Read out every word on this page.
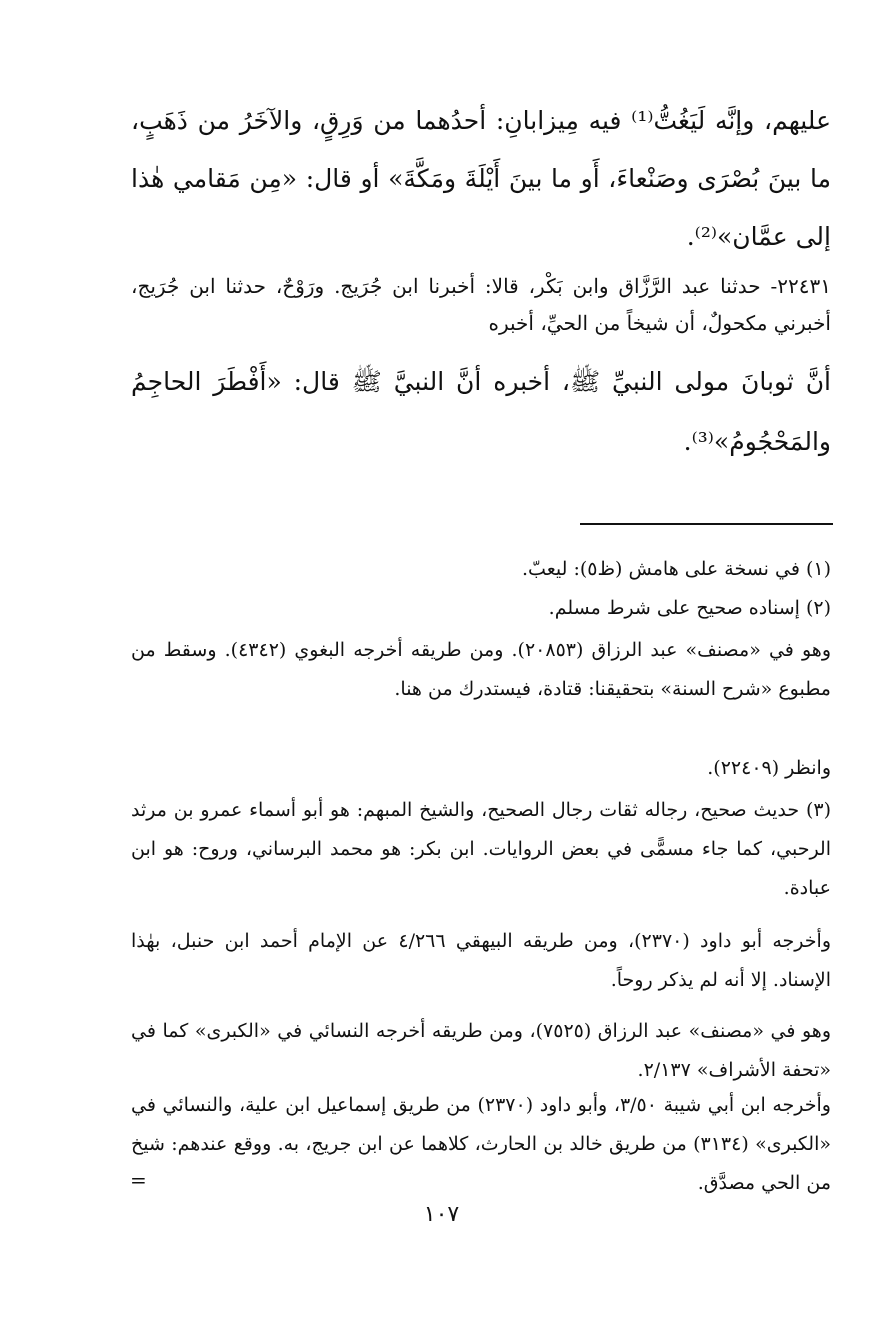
عليهم، وإنَّه لَيَغُتُّ⁽¹⁾ فيه مِيزابانِ: أحدُهما من وَرِقٍ، والآخَرُ من ذَهَبٍ، ما بينَ بُصْرَى وصَنْعاءَ، أَو ما بينَ أَيْلَةَ ومَكَّةَ» أو قال: «مِن مَقامي هٰذا إلى عمَّان»⁽²⁾.

٢٢٤٣١- حدثنا عبد الرَّزَّاق وابن بَكْر، قالا: أخبرنا ابن جُرَيج. ورَوْحٌ، حدثنا ابن جُرَيج، أخبرني مكحولٌ، أن شيخاً من الحيِّ، أخبره

أنَّ ثوبانَ مولى النبيِّ ﷺ، أخبره أنَّ النبيَّ ﷺ قال: «أَفْطَرَ الحاجِمُ والمَحْجُومُ»⁽³⁾.

(١) في نسخة على هامش (ظ٥): ليعبّ.

(٢) إسناده صحيح على شرط مسلم.

وهو في «مصنف» عبد الرزاق (٢٠٨٥٣). ومن طريقه أخرجه البغوي (٤٣٤٢). وسقط من مطبوع «شرح السنة» بتحقيقنا: قتادة، فيستدرك من هنا.

وانظر (٢٢٤٠٩).

(٣) حديث صحيح، رجاله ثقات رجال الصحيح، والشيخ المبهم: هو أبو أسماء عمرو بن مرثد الرحبي، كما جاء مسمًّى في بعض الروايات. ابن بكر: هو محمد البرساني، وروح: هو ابن عبادة.

وأخرجه أبو داود (٢٣٧٠)، ومن طريقه البيهقي ٤/٢٦٦ عن الإمام أحمد ابن حنبل، بهٰذا الإسناد. إلا أنه لم يذكر روحاً.

وهو في «مصنف» عبد الرزاق (٧٥٢٥)، ومن طريقه أخرجه النسائي في «الكبرى» كما في «تحفة الأشراف» ٢/١٣٧.

وأخرجه ابن أبي شيبة ٣/٥٠، وأبو داود (٢٣٧٠) من طريق إسماعيل ابن علية، والنسائي في «الكبرى» (٣١٣٤) من طريق خالد بن الحارث، كلاهما عن ابن جريج، به. ووقع عندهم: شيخ من الحي مصدَّق.

=
١٠٧
